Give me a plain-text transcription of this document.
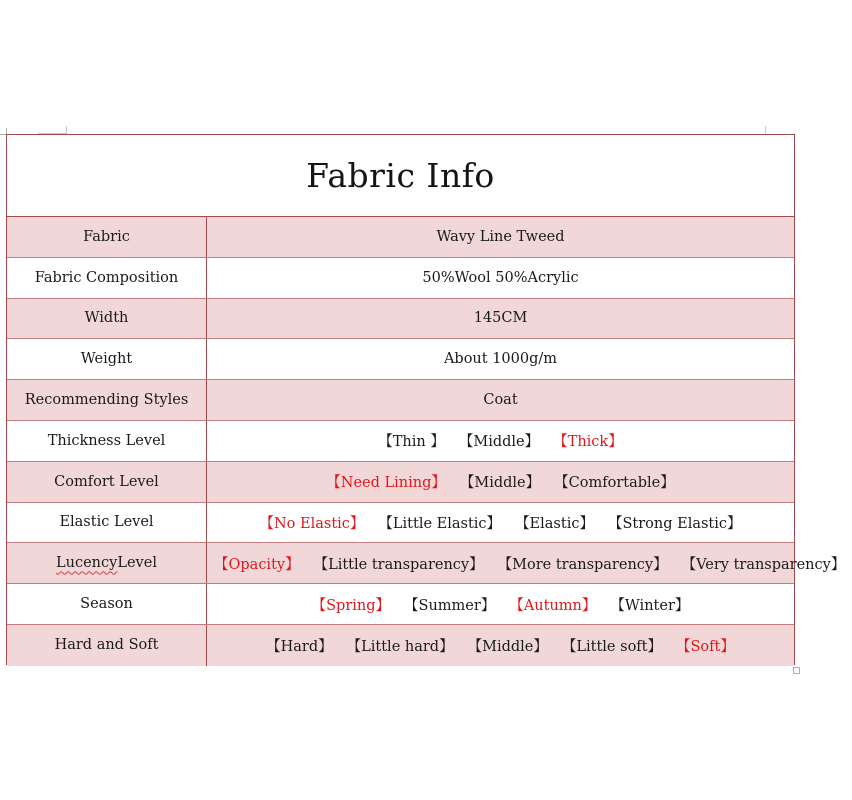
Fabric Info
Fabric	Wavy Line Tweed
Fabric Composition	50%Wool 50%Acrylic
Width	145CM
Weight	About 1000g/m
Recommending Styles	Coat
Thickness Level	【Thin 】 【Middle】 【Thick】
Comfort Level	【Need Lining】 【Middle】 【Comfortable】
Elastic Level	【No Elastic】 【Little Elastic】 【Elastic】 【Strong Elastic】
Lucency Level	【Opacity】 【Little transparency】 【More transparency】 【Very transparency】
Season	【Spring】 【Summer】 【Autumn】 【Winter】
Hard and Soft	【Hard】 【Little hard】 【Middle】 【Little soft】 【Soft】
